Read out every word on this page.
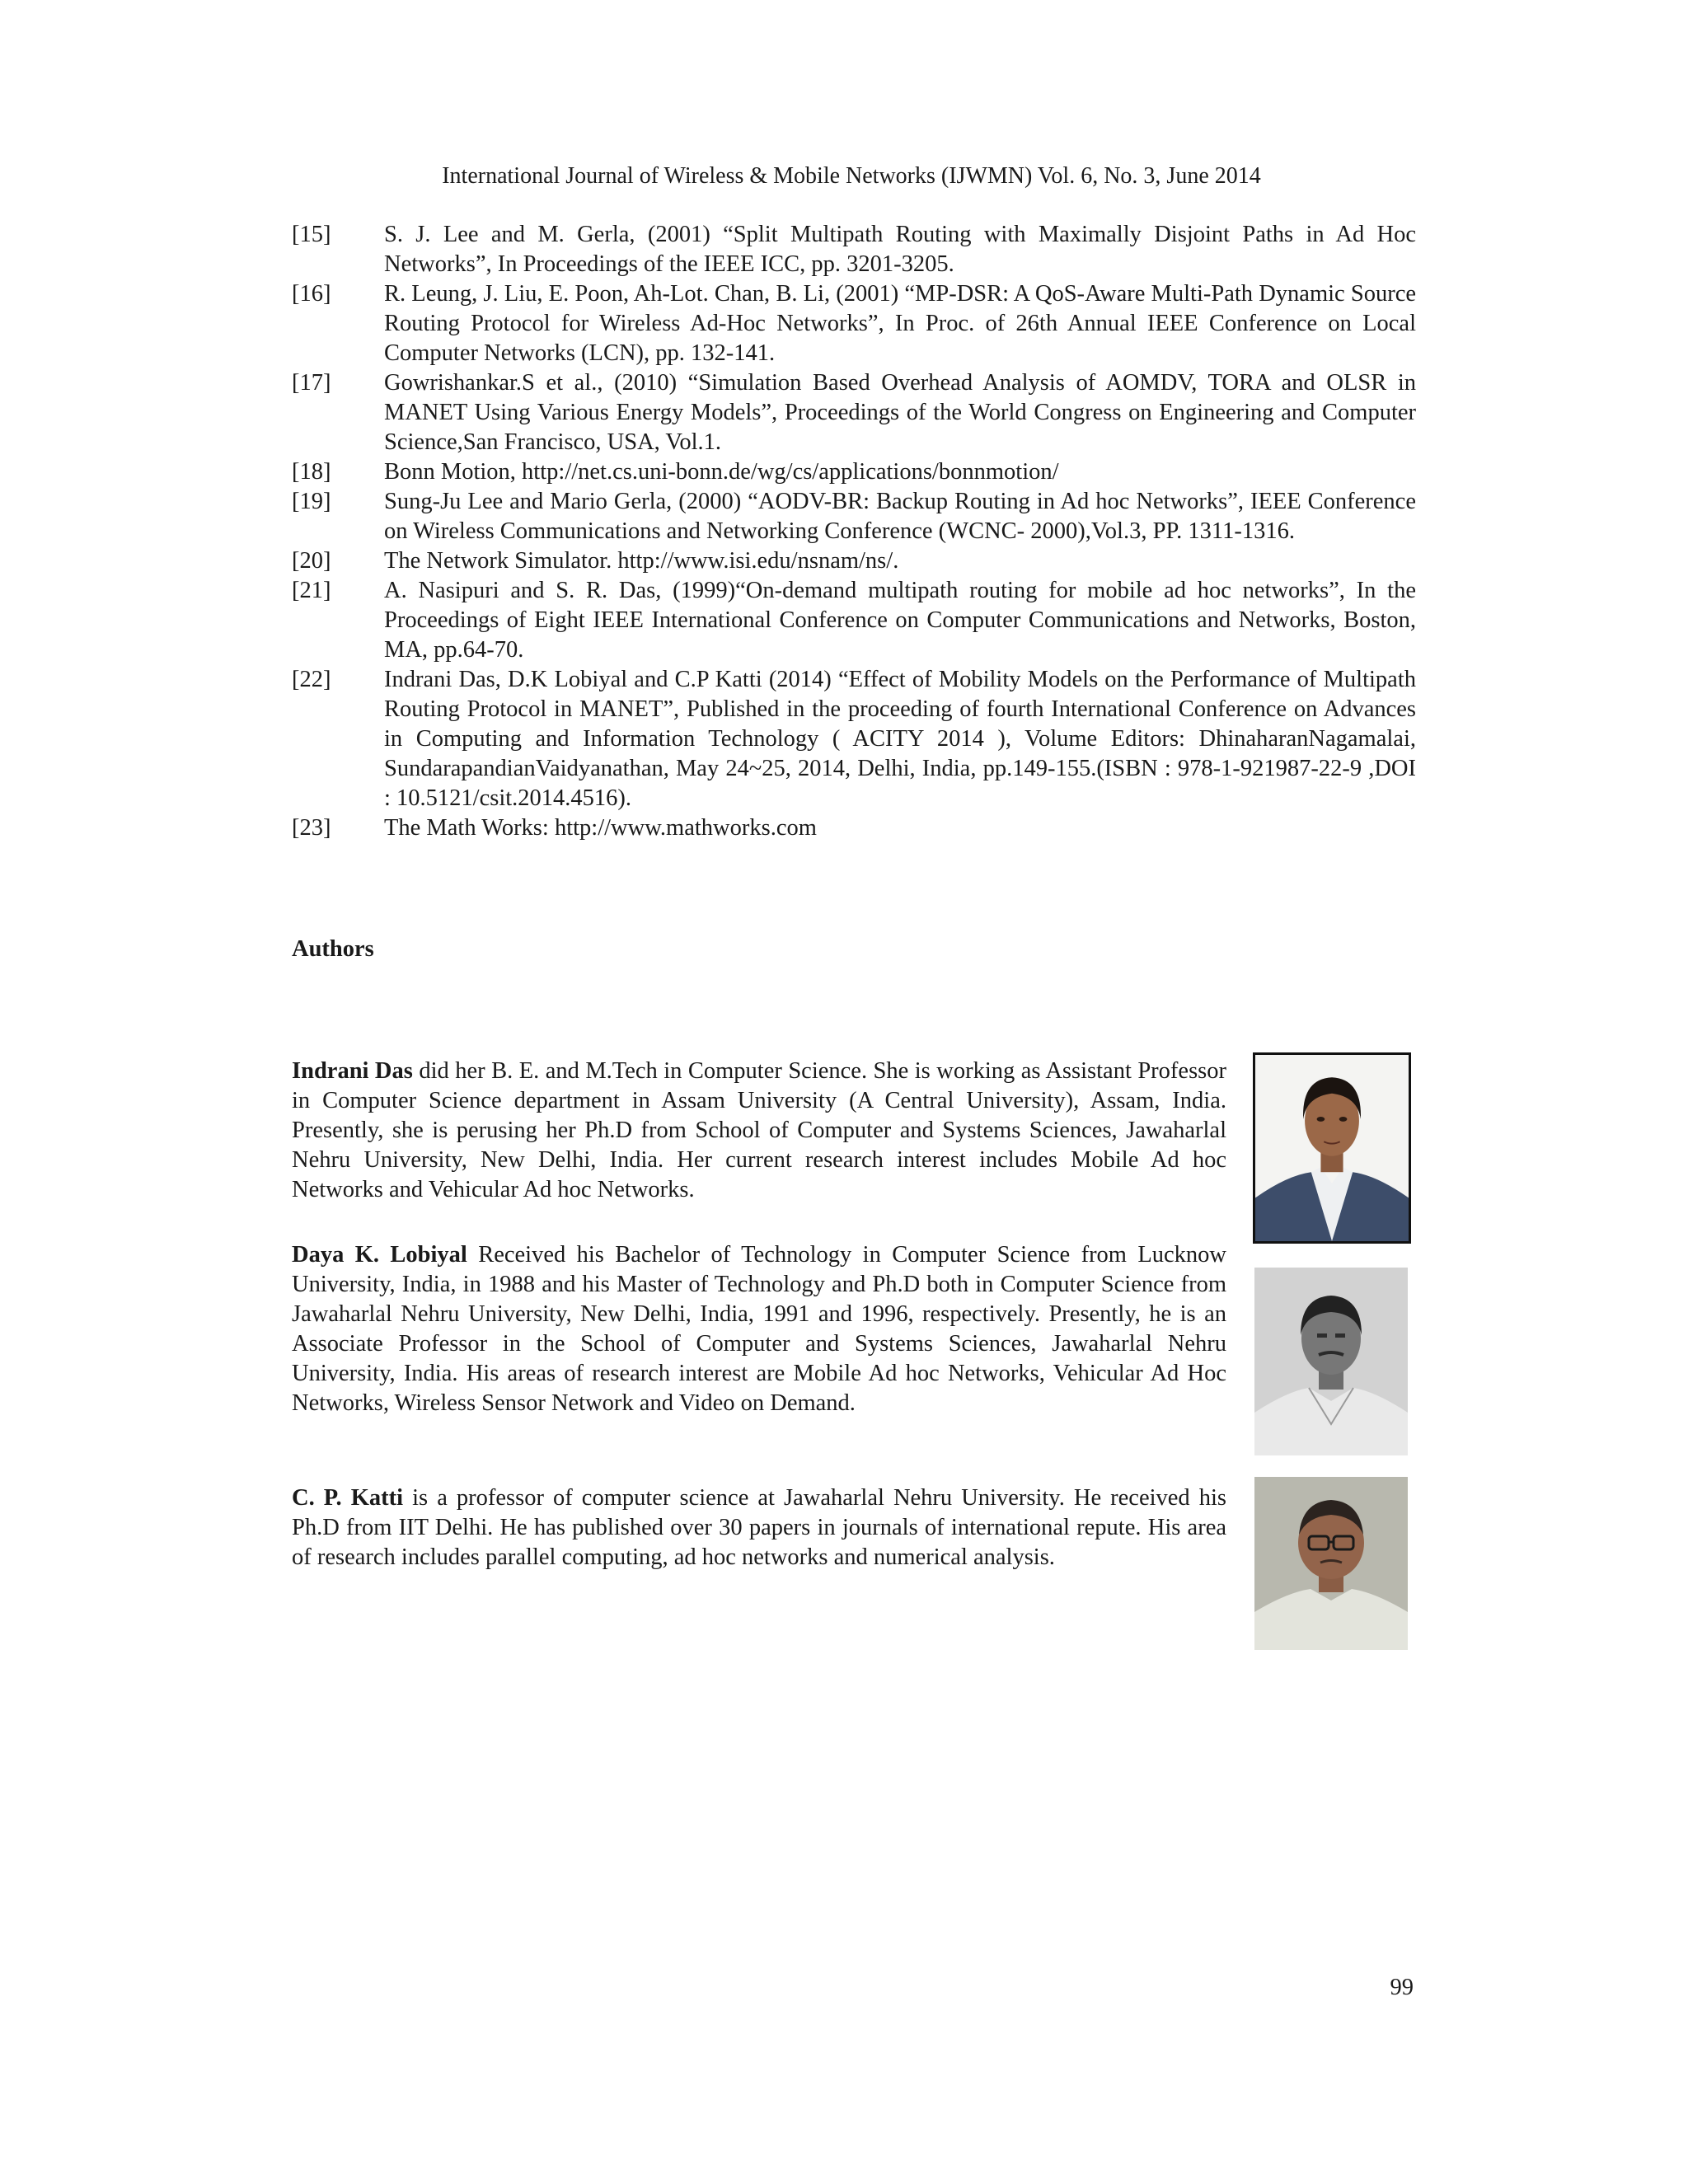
International Journal of Wireless & Mobile Networks (IJWMN) Vol. 6, No. 3, June 2014
[15] S. J. Lee and M. Gerla, (2001) “Split Multipath Routing with Maximally Disjoint Paths in Ad Hoc Networks”, In Proceedings of the IEEE ICC, pp. 3201-3205.
[16] R. Leung, J. Liu, E. Poon, Ah-Lot. Chan, B. Li, (2001) “MP-DSR: A QoS-Aware Multi-Path Dynamic Source Routing Protocol for Wireless Ad-Hoc Networks”, In Proc. of 26th Annual IEEE Conference on Local Computer Networks (LCN), pp. 132-141.
[17] Gowrishankar.S et al., (2010) “Simulation Based Overhead Analysis of AOMDV, TORA and OLSR in MANET Using Various Energy Models”, Proceedings of the World Congress on Engineering and Computer Science,San Francisco, USA, Vol.1.
[18] Bonn Motion, http://net.cs.uni-bonn.de/wg/cs/applications/bonnmotion/
[19] Sung-Ju Lee and Mario Gerla, (2000) “AODV-BR: Backup Routing in Ad hoc Networks”, IEEE Conference on Wireless Communications and Networking Conference (WCNC- 2000),Vol.3, PP. 1311-1316.
[20] The Network Simulator. http://www.isi.edu/nsnam/ns/.
[21] A. Nasipuri and S. R. Das, (1999)“On-demand multipath routing for mobile ad hoc networks”, In the Proceedings of Eight IEEE International Conference on Computer Communications and Networks, Boston, MA, pp.64-70.
[22] Indrani Das, D.K Lobiyal and C.P Katti (2014) “Effect of Mobility Models on the Performance of Multipath Routing Protocol in MANET”, Published in the proceeding of fourth International Conference on Advances in Computing and Information Technology ( ACITY 2014 ), Volume Editors: DhinaharanNagamalai, SundarapandianVaidyanathan, May 24~25, 2014, Delhi, India, pp.149-155.(ISBN : 978-1-921987-22-9 ,DOI : 10.5121/csit.2014.4516).
[23] The Math Works: http://www.mathworks.com
Authors

Indrani Das did her B. E. and M.Tech in Computer Science. She is working as Assistant Professor in Computer Science department in Assam University (A Central University), Assam, India. Presently, she is perusing her Ph.D from School of Computer and Systems Sciences, Jawaharlal Nehru University, New Delhi, India. Her current research interest includes Mobile Ad hoc Networks and Vehicular Ad hoc Networks.

Daya K. Lobiyal Received his Bachelor of Technology in Computer Science from Lucknow University, India, in 1988 and his Master of Technology and Ph.D both in Computer Science from Jawaharlal Nehru University, New Delhi, India, 1991 and 1996, respectively. Presently, he is an Associate Professor in the School of Computer and Systems Sciences, Jawaharlal Nehru University, India. His areas of research interest are Mobile Ad hoc Networks, Vehicular Ad Hoc Networks, Wireless Sensor Network and Video on Demand.

C. P. Katti is a professor of computer science at Jawaharlal Nehru University. He received his Ph.D from IIT Delhi. He has published over 30 papers in journals of international repute. His area of research includes parallel computing, ad hoc networks and numerical analysis.

99
